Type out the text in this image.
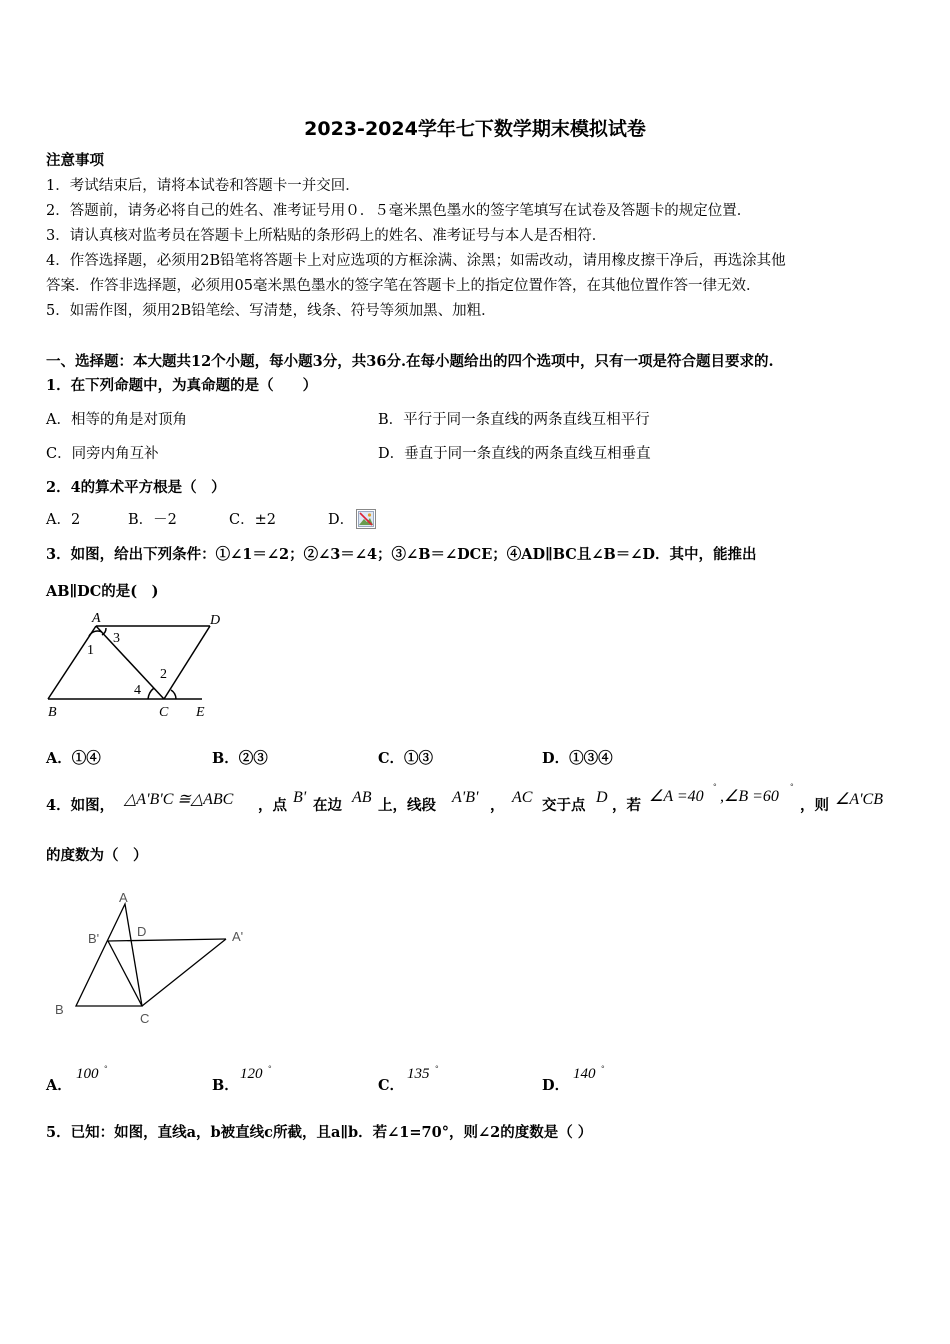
2023-2024学年七下数学期末模拟试卷
注意事项
1．考试结束后，请将本试卷和答题卡一并交回．
2．答题前，请务必将自己的姓名、准考证号用０．５毫米黑色墨水的签字笔填写在试卷及答题卡的规定位置．
3．请认真核对监考员在答题卡上所粘贴的条形码上的姓名、准考证号与本人是否相符．
4．作答选择题，必须用2B铅笔将答题卡上对应选项的方框涂满、涂黑；如需改动，请用橡皮擦干净后，再选涂其他
答案．作答非选择题，必须用05毫米黑色墨水的签字笔在答题卡上的指定位置作答，在其他位置作答一律无效．
5．如需作图，须用2B铅笔绘、写清楚，线条、符号等须加黑、加粗．
一、选择题：本大题共12个小题，每小题3分，共36分.在每小题给出的四个选项中，只有一项是符合题目要求的.
1．在下列命题中，为真命题的是（　　）
A．相等的角是对顶角	B．平行于同一条直线的两条直线互相平行
C．同旁内角互补	D．垂直于同一条直线的两条直线互相垂直
2．4的算术平方根是（　）
A．2	B．－2	C．±2	D．
3．如图，给出下列条件：①∠1＝∠2；②∠3＝∠4；③∠B＝∠DCE；④AD∥BC且∠B＝∠D．其中，能推出
AB∥DC的是(　)
A	D
B	C E
1
2
3
4
A．①④	B．②③	C．①③	D．①③④
4．如图， △A'B'C ≅△ABC ，点 B' 在边 AB 上，线段 A'B' ， AC 交于点 D ，若
∠A =40
°
,∠B =60
°
，则 ∠A'CB
的度数为（　）
A
B'	D	A'
B
C
A．
100 °
B．
120 °
C．
135 °
D．
140 °
5．已知：如图，直线a，b被直线c所截，且a∥b．若∠1=70°，则∠2的度数是（ ）
